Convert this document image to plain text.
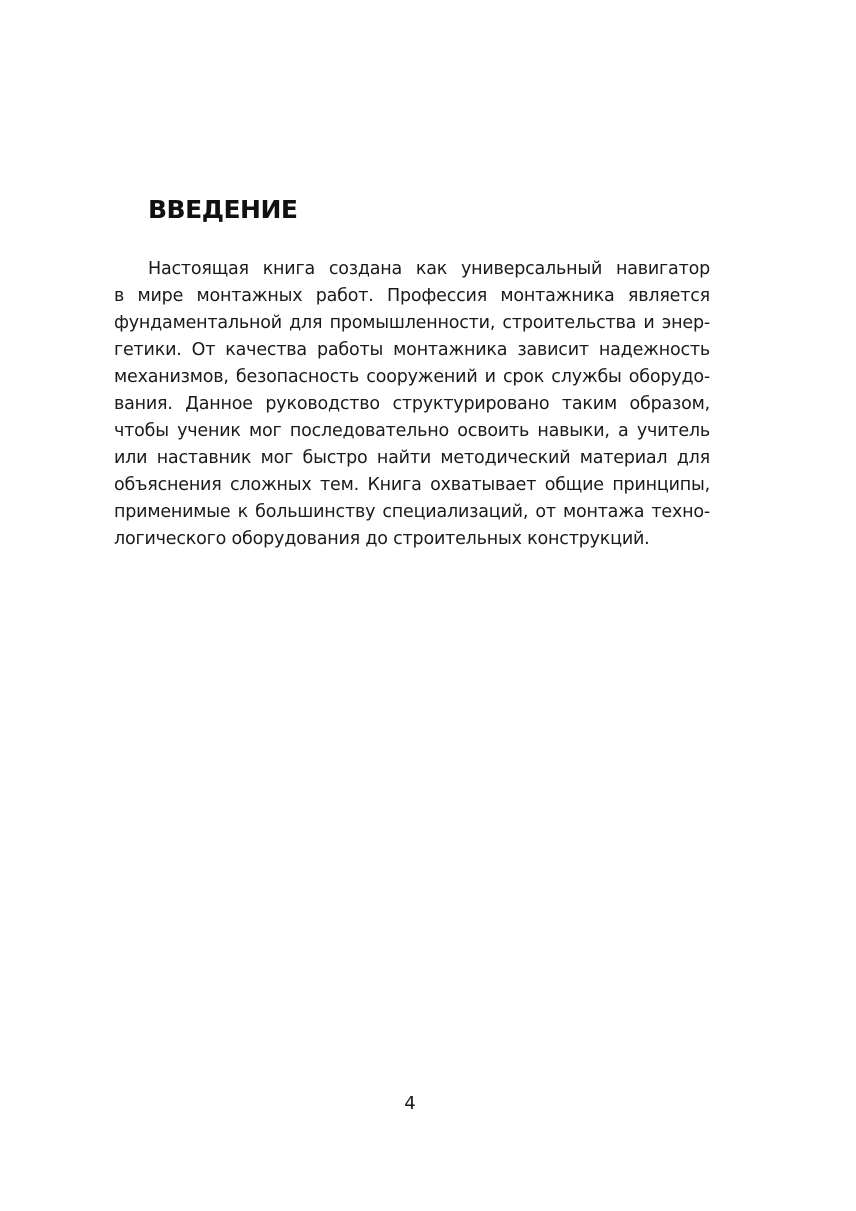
ВВЕДЕНИЕ
Настоящая книга создана как универсальный навигатор
в мире монтажных работ. Профессия монтажника является
фундаментальной для промышленности, строительства и энер-
гетики. От качества работы монтажника зависит надежность
механизмов, безопасность сооружений и срок службы оборудо-
вания. Данное руководство структурировано таким образом,
чтобы ученик мог последовательно освоить навыки, а учитель
или наставник мог быстро найти методический материал для
объяснения сложных тем. Книга охватывает общие принципы,
применимые к большинству специализаций, от монтажа техно-
логического оборудования до строительных конструкций.
4
